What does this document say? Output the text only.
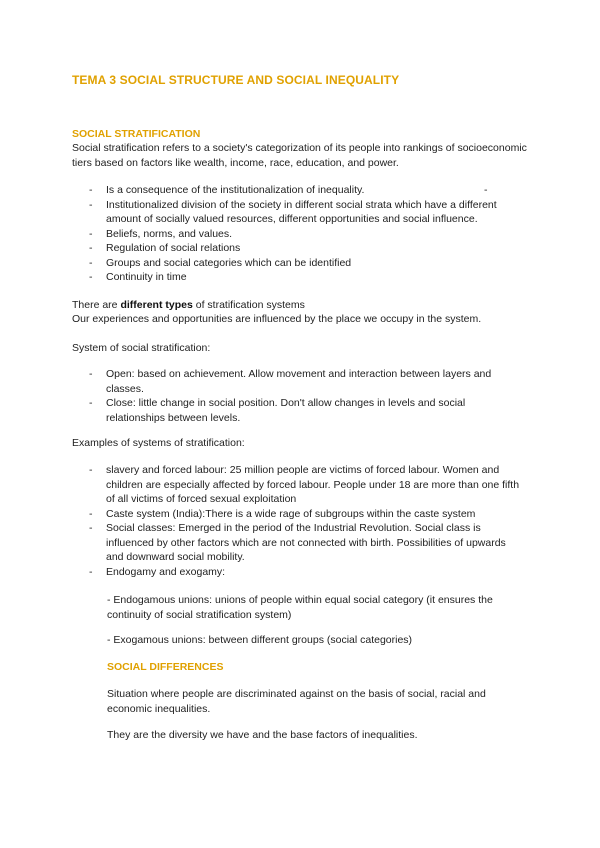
TEMA 3 SOCIAL STRUCTURE AND SOCIAL INEQUALITY
SOCIAL STRATIFICATION

Social stratification refers to a society's categorization of its people into rankings of socioeconomic tiers based on factors like wealth, income, race, education, and power.

- Is a consequence of the institutionalization of inequality.
- Institutionalized division of the society in different social strata which have a different amount of socially valued resources, different opportunities and social influence.
- Beliefs, norms, and values.
- Regulation of social relations
- Groups and social categories which can be identified
- Continuity in time
-

There are different types of stratification systems

Our experiences and opportunities are influenced by the place we occupy in the system.

System of social stratification:

- Open: based on achievement. Allow movement and interaction between layers and classes.
- Close: little change in social position. Don't allow changes in levels and social relationships between levels.

Examples of systems of stratification:

- slavery and forced labour: 25 million people are victims of forced labour. Women and children are especially affected by forced labour. People under 18 are more than one fifth of all victims of forced sexual exploitation
- Caste system (India):There is a wide rage of subgroups within the caste system
- Social classes: Emerged in the period of the Industrial Revolution. Social class is influenced by other factors which are not connected with birth. Possibilities of upwards and downward social mobility.
- Endogamy and exogamy:

- Endogamous unions: unions of people within equal social category (it ensures the continuity of social stratification system)

- Exogamous unions: between different groups (social categories)

SOCIAL DIFFERENCES

Situation where people are discriminated against on the basis of social, racial and economic inequalities.

They are the diversity we have and the base factors of inequalities.
